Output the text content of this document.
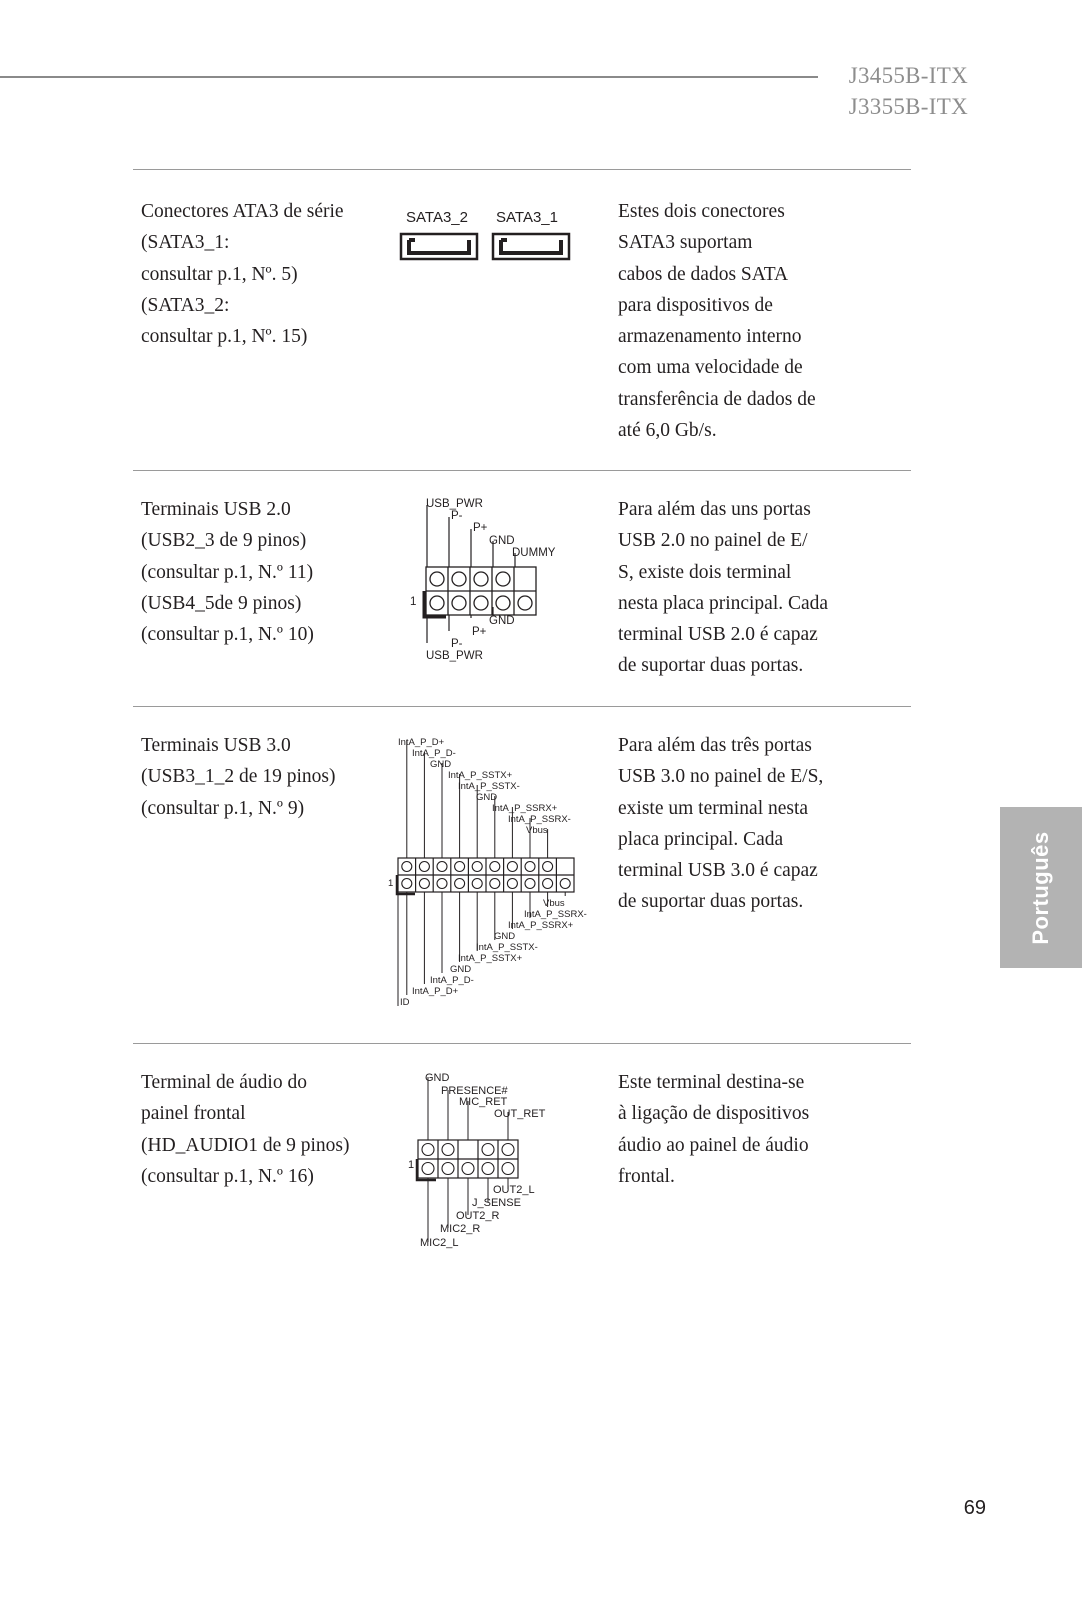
J3455B-ITX
J3355B-ITX
Conectores ATA3 de série
(SATA3_1:
consultar p.1, Nº. 5)
(SATA3_2:
consultar p.1, Nº. 15)
Estes dois conectores
SATA3 suportam
cabos de dados SATA
para dispositivos de
armazenamento interno
com uma velocidade de
transferência de dados de
até 6,0 Gb/s.
SATA3_2 SATA3_1
Terminais USB 2.0
(USB2_3 de 9 pinos)
(consultar p.1, N.º 11)
(USB4_5de 9 pinos)
(consultar p.1, N.º 10)
Para além das uns portas
USB 2.0 no painel de E/
S, existe dois terminal
nesta placa principal. Cada
terminal USB 2.0 é capaz
de suportar duas portas.
USB_PWR
P-
P+
GND
DUMMY
1
GND
P+
P-
USB_PWR
Terminais USB 3.0
(USB3_1_2 de 19 pinos)
(consultar p.1, N.º 9)
Para além das três portas
USB 3.0 no painel de E/S,
existe um terminal nesta
placa principal. Cada
terminal USB 3.0 é capaz
de suportar duas portas.
IntA_P_D+
IntA_P_D-
GND
IntA_P_SSTX+
IntA_P_SSTX-
GND
IntA_P_SSRX+
IntA_P_SSRX-
Vbus
1
Vbus
IntA_P_SSRX-
IntA_P_SSRX+
GND
IntA_P_SSTX-
IntA_P_SSTX+
GND
IntA_P_D-
IntA_P_D+
ID
Terminal de áudio do
painel frontal
(HD_AUDIO1 de 9 pinos)
(consultar p.1, N.º 16)
Este terminal destina-se
à ligação de dispositivos
áudio ao painel de áudio
frontal.
GND
PRESENCE#
MIC_RET
OUT_RET
1
OUT2_L
J_SENSE
OUT2_R
MIC2_R
MIC2_L
Português
69
